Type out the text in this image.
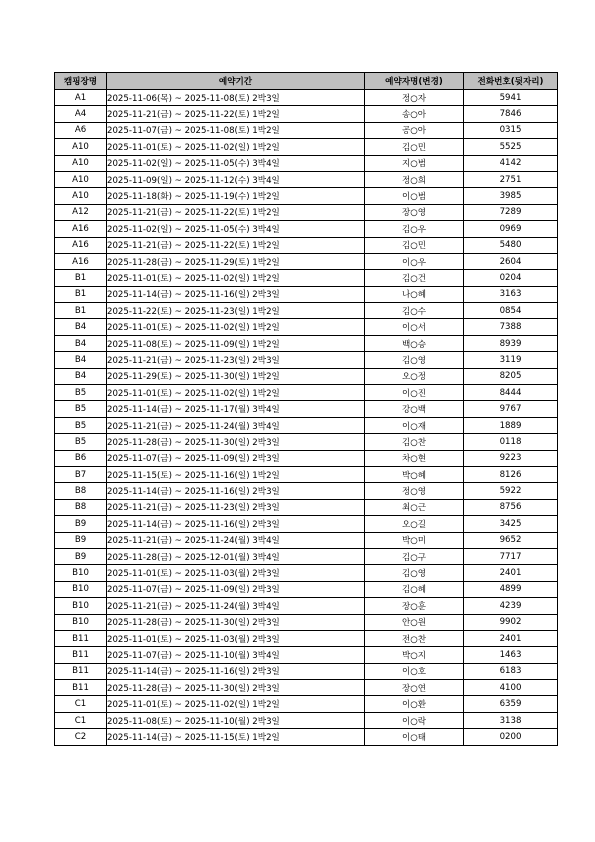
캠핑장명	예약기간	예약자명(변경)	전화번호(뒷자리)
A1	2025-11-06(목) ~ 2025-11-08(토) 2박3일	정○자	5941
A4	2025-11-21(금) ~ 2025-11-22(토) 1박2일	송○아	7846
A6	2025-11-07(금) ~ 2025-11-08(토) 1박2일	공○아	0315
A10	2025-11-01(토) ~ 2025-11-02(일) 1박2일	김○민	5525
A10	2025-11-02(일) ~ 2025-11-05(수) 3박4일	지○범	4142
A10	2025-11-09(일) ~ 2025-11-12(수) 3박4일	정○희	2751
A10	2025-11-18(화) ~ 2025-11-19(수) 1박2일	이○범	3985
A12	2025-11-21(금) ~ 2025-11-22(토) 1박2일	장○영	7289
A16	2025-11-02(일) ~ 2025-11-05(수) 3박4일	김○우	0969
A16	2025-11-21(금) ~ 2025-11-22(토) 1박2일	김○민	5480
A16	2025-11-28(금) ~ 2025-11-29(토) 1박2일	이○우	2604
B1	2025-11-01(토) ~ 2025-11-02(일) 1박2일	김○건	0204
B1	2025-11-14(금) ~ 2025-11-16(일) 2박3일	나○혜	3163
B1	2025-11-22(토) ~ 2025-11-23(일) 1박2일	김○수	0854
B4	2025-11-01(토) ~ 2025-11-02(일) 1박2일	이○서	7388
B4	2025-11-08(토) ~ 2025-11-09(일) 1박2일	백○승	8939
B4	2025-11-21(금) ~ 2025-11-23(일) 2박3일	김○영	3119
B4	2025-11-29(토) ~ 2025-11-30(일) 1박2일	오○정	8205
B5	2025-11-01(토) ~ 2025-11-02(일) 1박2일	이○진	8444
B5	2025-11-14(금) ~ 2025-11-17(월) 3박4일	강○백	9767
B5	2025-11-21(금) ~ 2025-11-24(월) 3박4일	이○재	1889
B5	2025-11-28(금) ~ 2025-11-30(일) 2박3일	김○찬	0118
B6	2025-11-07(금) ~ 2025-11-09(일) 2박3일	차○현	9223
B7	2025-11-15(토) ~ 2025-11-16(일) 1박2일	박○혜	8126
B8	2025-11-14(금) ~ 2025-11-16(일) 2박3일	정○영	5922
B8	2025-11-21(금) ~ 2025-11-23(일) 2박3일	최○근	8756
B9	2025-11-14(금) ~ 2025-11-16(일) 2박3일	오○길	3425
B9	2025-11-21(금) ~ 2025-11-24(월) 3박4일	박○미	9652
B9	2025-11-28(금) ~ 2025-12-01(월) 3박4일	김○구	7717
B10	2025-11-01(토) ~ 2025-11-03(월) 2박3일	김○영	2401
B10	2025-11-07(금) ~ 2025-11-09(일) 2박3일	김○혜	4899
B10	2025-11-21(금) ~ 2025-11-24(월) 3박4일	장○훈	4239
B10	2025-11-28(금) ~ 2025-11-30(일) 2박3일	안○원	9902
B11	2025-11-01(토) ~ 2025-11-03(월) 2박3일	전○찬	2401
B11	2025-11-07(금) ~ 2025-11-10(월) 3박4일	박○지	1463
B11	2025-11-14(금) ~ 2025-11-16(일) 2박3일	이○호	6183
B11	2025-11-28(금) ~ 2025-11-30(일) 2박3일	장○연	4100
C1	2025-11-01(토) ~ 2025-11-02(일) 1박2일	이○환	6359
C1	2025-11-08(토) ~ 2025-11-10(월) 2박3일	이○락	3138
C2	2025-11-14(금) ~ 2025-11-15(토) 1박2일	이○태	0200
